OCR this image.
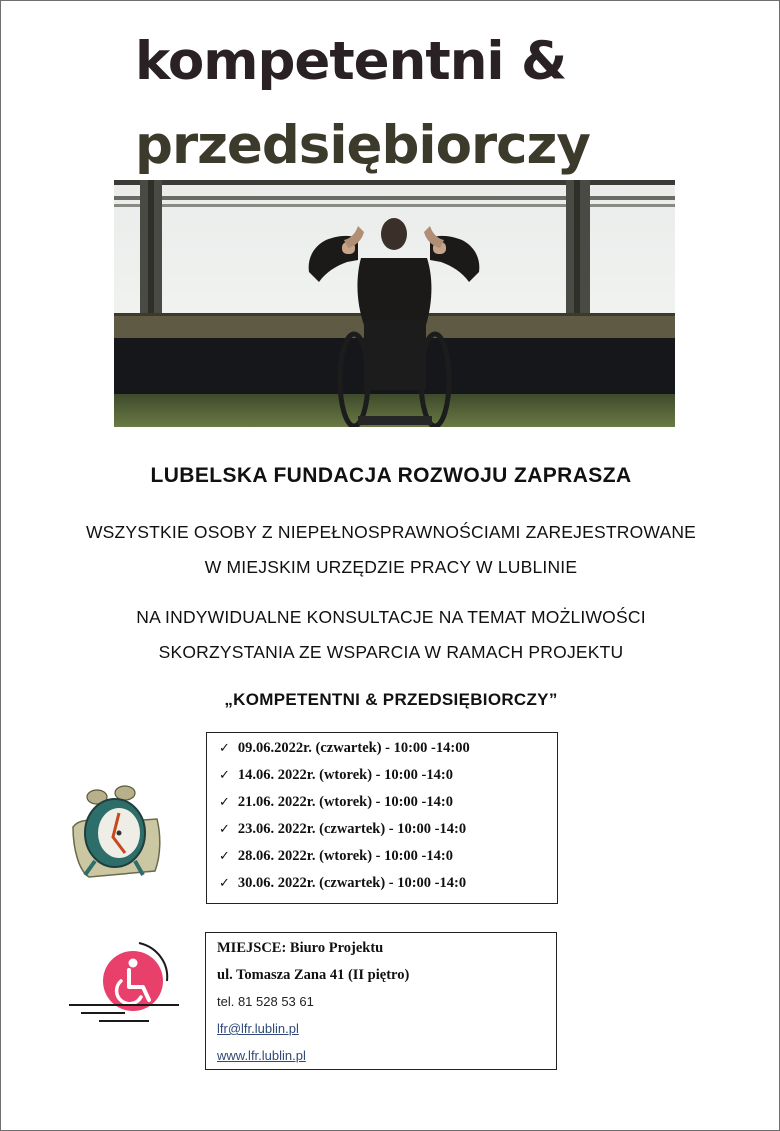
kompetentni &
przedsiębiorczy
LUBELSKA FUNDACJA ROZWOJU ZAPRASZA
WSZYSTKIE OSOBY Z NIEPEŁNOSPRAWNOŚCIAMI ZAREJESTROWANE
W MIEJSKIM URZĘDZIE PRACY W LUBLINIE
NA INDYWIDUALNE KONSULTACJE NA TEMAT MOŻLIWOŚCI
SKORZYSTANIA ZE WSPARCIA W RAMACH PROJEKTU
„KOMPETENTNI & PRZEDSIĘBIORCZY”
✓ 09.06.2022r. (czwartek) - 10:00 -14:00
✓ 14.06. 2022r. (wtorek) - 10:00 -14:0
✓ 21.06. 2022r. (wtorek) - 10:00 -14:0
✓ 23.06. 2022r. (czwartek) - 10:00 -14:0
✓ 28.06. 2022r. (wtorek) - 10:00 -14:0
✓ 30.06. 2022r. (czwartek) - 10:00 -14:0
MIEJSCE: Biuro Projektu
ul. Tomasza Zana 41 (II piętro)
tel. 81 528 53 61
lfr@lfr.lublin.pl
www.lfr.lublin.pl
